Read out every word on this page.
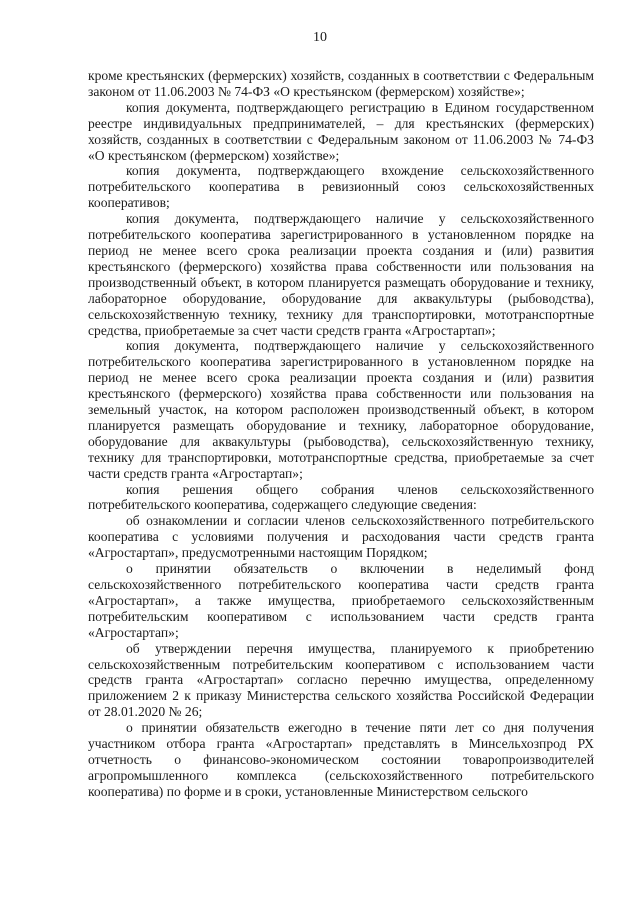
10

кроме крестьянских (фермерских) хозяйств, созданных в соответствии с Федеральным законом от 11.06.2003 № 74-ФЗ «О крестьянском (фермерском) хозяйстве»;

копия документа, подтверждающего регистрацию в Едином государственном реестре индивидуальных предпринимателей, – для крестьянских (фермерских) хозяйств, созданных в соответствии с Федеральным законом от 11.06.2003 № 74-ФЗ «О крестьянском (фермерском) хозяйстве»;

копия документа, подтверждающего вхождение сельскохозяйственного потребительского кооператива в ревизионный союз сельскохозяйственных кооперативов;

копия документа, подтверждающего наличие у сельскохозяйственного потребительского кооператива зарегистрированного в установленном порядке на период не менее всего срока реализации проекта создания и (или) развития крестьянского (фермерского) хозяйства права собственности или пользования на производственный объект, в котором планируется размещать оборудование и технику, лабораторное оборудование, оборудование для аквакультуры (рыбоводства), сельскохозяйственную технику, технику для транспортировки, мототранспортные средства, приобретаемые за счет части средств гранта «Агростартап»;

копия документа, подтверждающего наличие у сельскохозяйственного потребительского кооператива зарегистрированного в установленном порядке на период не менее всего срока реализации проекта создания и (или) развития крестьянского (фермерского) хозяйства права собственности или пользования на земельный участок, на котором расположен производственный объект, в котором планируется размещать оборудование и технику, лабораторное оборудование, оборудование для аквакультуры (рыбоводства), сельскохозяйственную технику, технику для транспортировки, мототранспортные средства, приобретаемые за счет части средств гранта «Агростартап»;

копия решения общего собрания членов сельскохозяйственного потребительского кооператива, содержащего следующие сведения:

об ознакомлении и согласии членов сельскохозяйственного потребительского кооператива с условиями получения и расходования части средств гранта «Агростартап», предусмотренными настоящим Порядком;

о принятии обязательств о включении в неделимый фонд сельскохозяйственного потребительского кооператива части средств гранта «Агростартап», а также имущества, приобретаемого сельскохозяйственным потребительским кооперативом с использованием части средств гранта «Агростартап»;

об утверждении перечня имущества, планируемого к приобретению сельскохозяйственным потребительским кооперативом с использованием части средств гранта «Агростартап» согласно перечню имущества, определенному приложением 2 к приказу Министерства сельского хозяйства Российской Федерации от 28.01.2020 № 26;

о принятии обязательств ежегодно в течение пяти лет со дня получения участником отбора гранта «Агростартап» представлять в Минсельхозпрод РХ отчетность о финансово-экономическом состоянии товаропроизводителей агропромышленного комплекса (сельскохозяйственного потребительского кооператива) по форме и в сроки, установленные Министерством сельского
